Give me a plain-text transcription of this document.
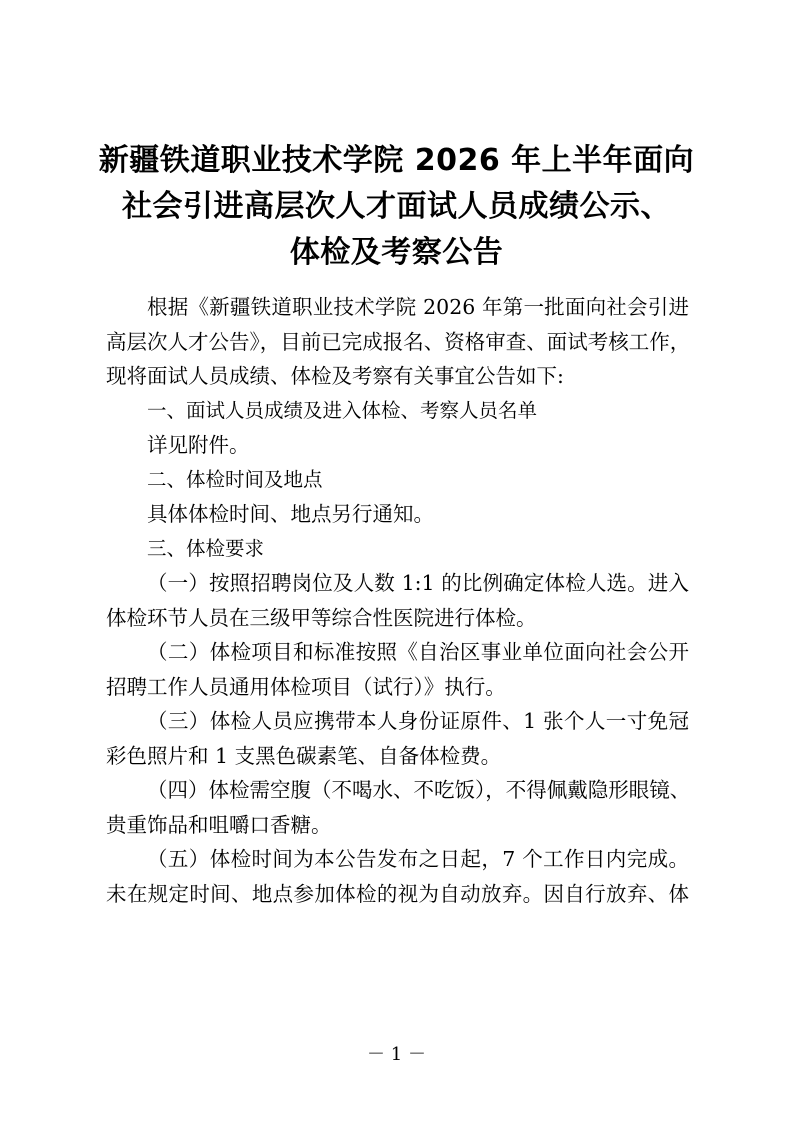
新疆铁道职业技术学院 2026 年上半年面向
社会引进高层次人才面试人员成绩公示、
体检及考察公告
根据《新疆铁道职业技术学院 2026 年第一批面向社会引进
高层次人才公告》，目前已完成报名、资格审查、面试考核工作，
现将面试人员成绩、体检及考察有关事宜公告如下:
一、面试人员成绩及进入体检、考察人员名单
详见附件。
二、体检时间及地点
具体体检时间、地点另行通知。
三、体检要求
（一）按照招聘岗位及人数 1:1 的比例确定体检人选。进入
体检环节人员在三级甲等综合性医院进行体检。
（二）体检项目和标准按照《自治区事业单位面向社会公开
招聘工作人员通用体检项目（试行）》执行。
（三）体检人员应携带本人身份证原件、1 张个人一寸免冠
彩色照片和 1 支黑色碳素笔、自备体检费。
（四）体检需空腹（不喝水、不吃饭），不得佩戴隐形眼镜、
贵重饰品和咀嚼口香糖。
（五）体检时间为本公告发布之日起，7 个工作日内完成。
未在规定时间、地点参加体检的视为自动放弃。因自行放弃、体
－ 1 －
